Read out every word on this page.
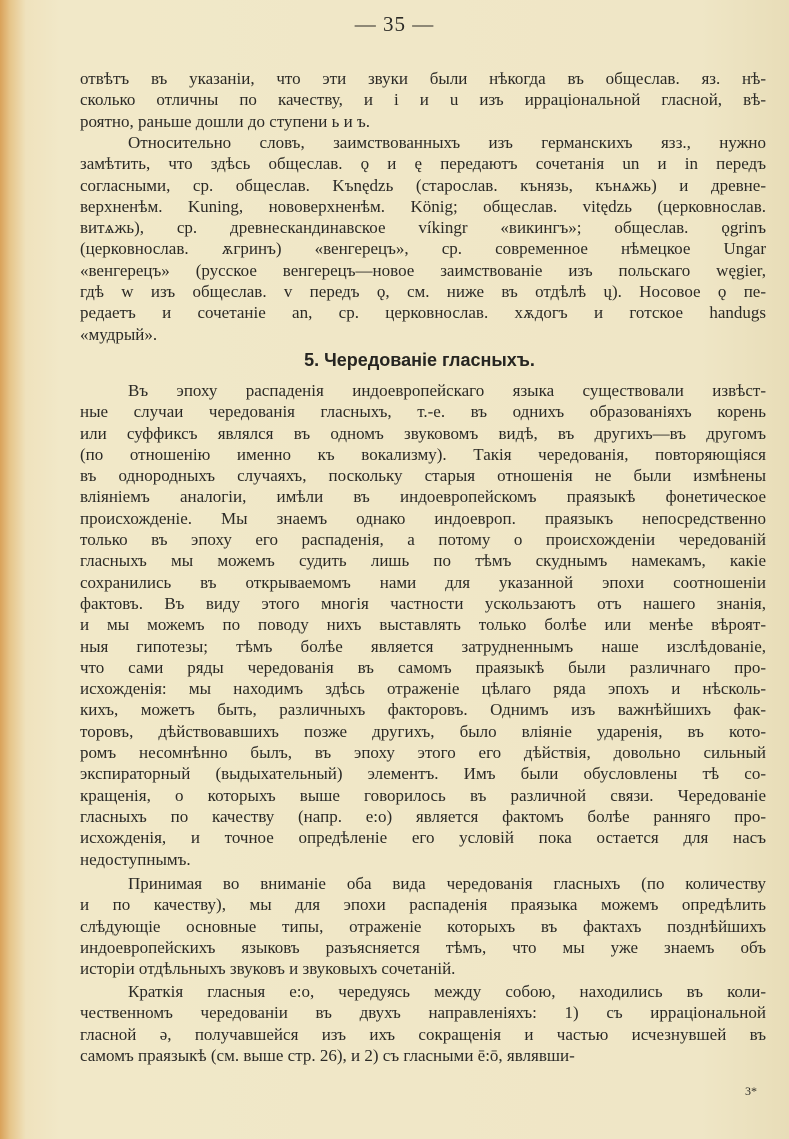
— 35 —
отвѣтъ въ указанiи, что эти звуки были нѣкогда въ общеслав. яз. нѣ-
сколько отличны по качеству, и i и u изъ ирраціональной гласной, вѣ-
роятно, раньше дошли до ступени ь и ъ.
Относительно словъ, заимствованныхъ изъ германскихъ язз., нужно
замѣтить, что здѣсь общеслав. ǫ и ę передаютъ сочетанія un и in передъ
согласными, ср. общеслав. Kъnędzь (старослав. кънязь, кънѧжь) и древне-
верхненѣм. Kuning, нововерхненѣм. König; общеслав. vitędzь (церковнослав.
витѧжь), ср. древнескандинавское víkingr «викингъ»; общеслав. ǫgrinъ
(церковнослав. ѫгринъ) «венгерецъ», ср. современное нѣмецкое Ungar
«венгерецъ» (русское венгерецъ—новое заимствованiе изъ польскаго węgier,
гдѣ w изъ общеслав. v передъ ǫ, см. ниже въ отдѣлѣ ų). Носовое ǫ пе-
редаетъ и сочетанiе an, ср. церковнослав. хѫдогъ и готское handugs
«мудрый».
5. Чередованiе гласныхъ.
Въ эпоху распаденія индоевропейскаго языка существовали извѣст-
ные случаи чередованія гласныхъ, т.-е. въ однихъ образованiяхъ корень
или суффиксъ являлся въ одномъ звуковомъ видѣ, въ другихъ—въ другомъ
(по отношенію именно къ вокализму). Такія чередованія, повторяющiяся
въ однородныхъ случаяхъ, поскольку старыя отношенія не были измѣнены
влiянiемъ аналогiи, имѣли въ индоевропейскомъ праязыкѣ фонетическое
происхожденiе. Мы знаемъ однако индоевроп. праязыкъ непосредственно
только въ эпоху его распаденія, а потому о происхожденiи чередованій
гласныхъ мы можемъ судить лишь по тѣмъ скуднымъ намекамъ, какiе
сохранились въ открываемомъ нами для указанной эпохи соотношенiи
фактовъ. Въ виду этого многія частности ускользаютъ отъ нашего знанія,
и мы можемъ по поводу нихъ выставлять только болѣе или менѣе вѣроят-
ныя гипотезы; тѣмъ болѣе является затрудненнымъ наше изслѣдованiе,
что сами ряды чередованія въ самомъ праязыкѣ были различнаго про-
исхожденія: мы находимъ здѣсь отраженiе цѣлаго ряда эпохъ и нѣсколь-
кихъ, можетъ быть, различныхъ факторовъ. Однимъ изъ важнѣйшихъ фак-
торовъ, дѣйствовавшихъ позже другихъ, было вліянiе ударенія, въ кото-
ромъ несомнѣнно былъ, въ эпоху этого его дѣйствія, довольно сильный
экспираторный (выдыхательный) элементъ. Имъ были обусловлены тѣ со-
кращенія, о которыхъ выше говорилось въ различной связи. Чередованiе
гласныхъ по качеству (напр. e:o) является фактомъ болѣе ранняго про-
исхожденія, и точное опредѣленiе его условій пока остается для насъ
недоступнымъ.
Принимая во вниманiе оба вида чередованія гласныхъ (по количеству
и по качеству), мы для эпохи распаденія праязыка можемъ опредѣлить
слѣдующiе основные типы, отраженiе которыхъ въ фактахъ позднѣйшихъ
индоевропейскихъ языковъ разъясняется тѣмъ, что мы уже знаемъ объ
исторiи отдѣльныхъ звуковъ и звуковыхъ сочетаній.
Краткія гласныя e:o, чередуясь между собою, находились въ коли-
чественномъ чередованiи въ двухъ направленiяхъ: 1) съ ирраціональной
гласной ə, получавшейся изъ ихъ сокращенія и частью исчезнувшей въ
самомъ праязыкѣ (см. выше стр. 26), и 2) съ гласными ē:ō, являвши-
3*
